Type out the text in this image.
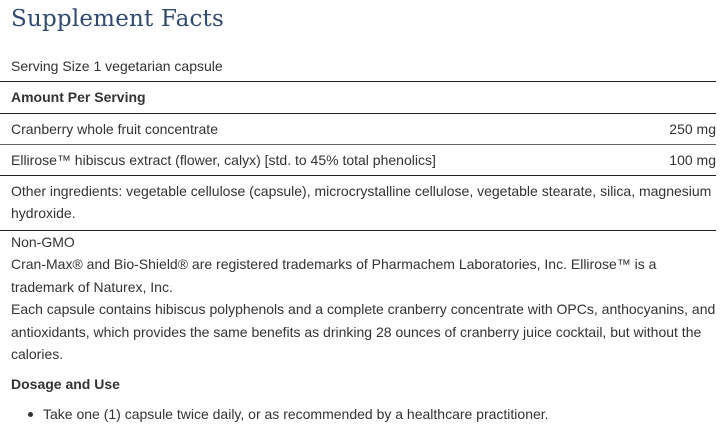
Supplement Facts
Serving Size 1 vegetarian capsule
Amount Per Serving
Cranberry whole fruit concentrate	250 mg
Ellirose™ hibiscus extract (flower, calyx) [std. to 45% total phenolics]	100 mg
Other ingredients: vegetable cellulose (capsule), microcrystalline cellulose, vegetable stearate, silica, magnesium hydroxide.
Non-GMO
Cran-Max® and Bio-Shield® are registered trademarks of Pharmachem Laboratories, Inc. Ellirose™ is a trademark of Naturex, Inc.
Each capsule contains hibiscus polyphenols and a complete cranberry concentrate with OPCs, anthocyanins, and antioxidants, which provides the same benefits as drinking 28 ounces of cranberry juice cocktail, but without the calories.
Dosage and Use
Take one (1) capsule twice daily, or as recommended by a healthcare practitioner.
